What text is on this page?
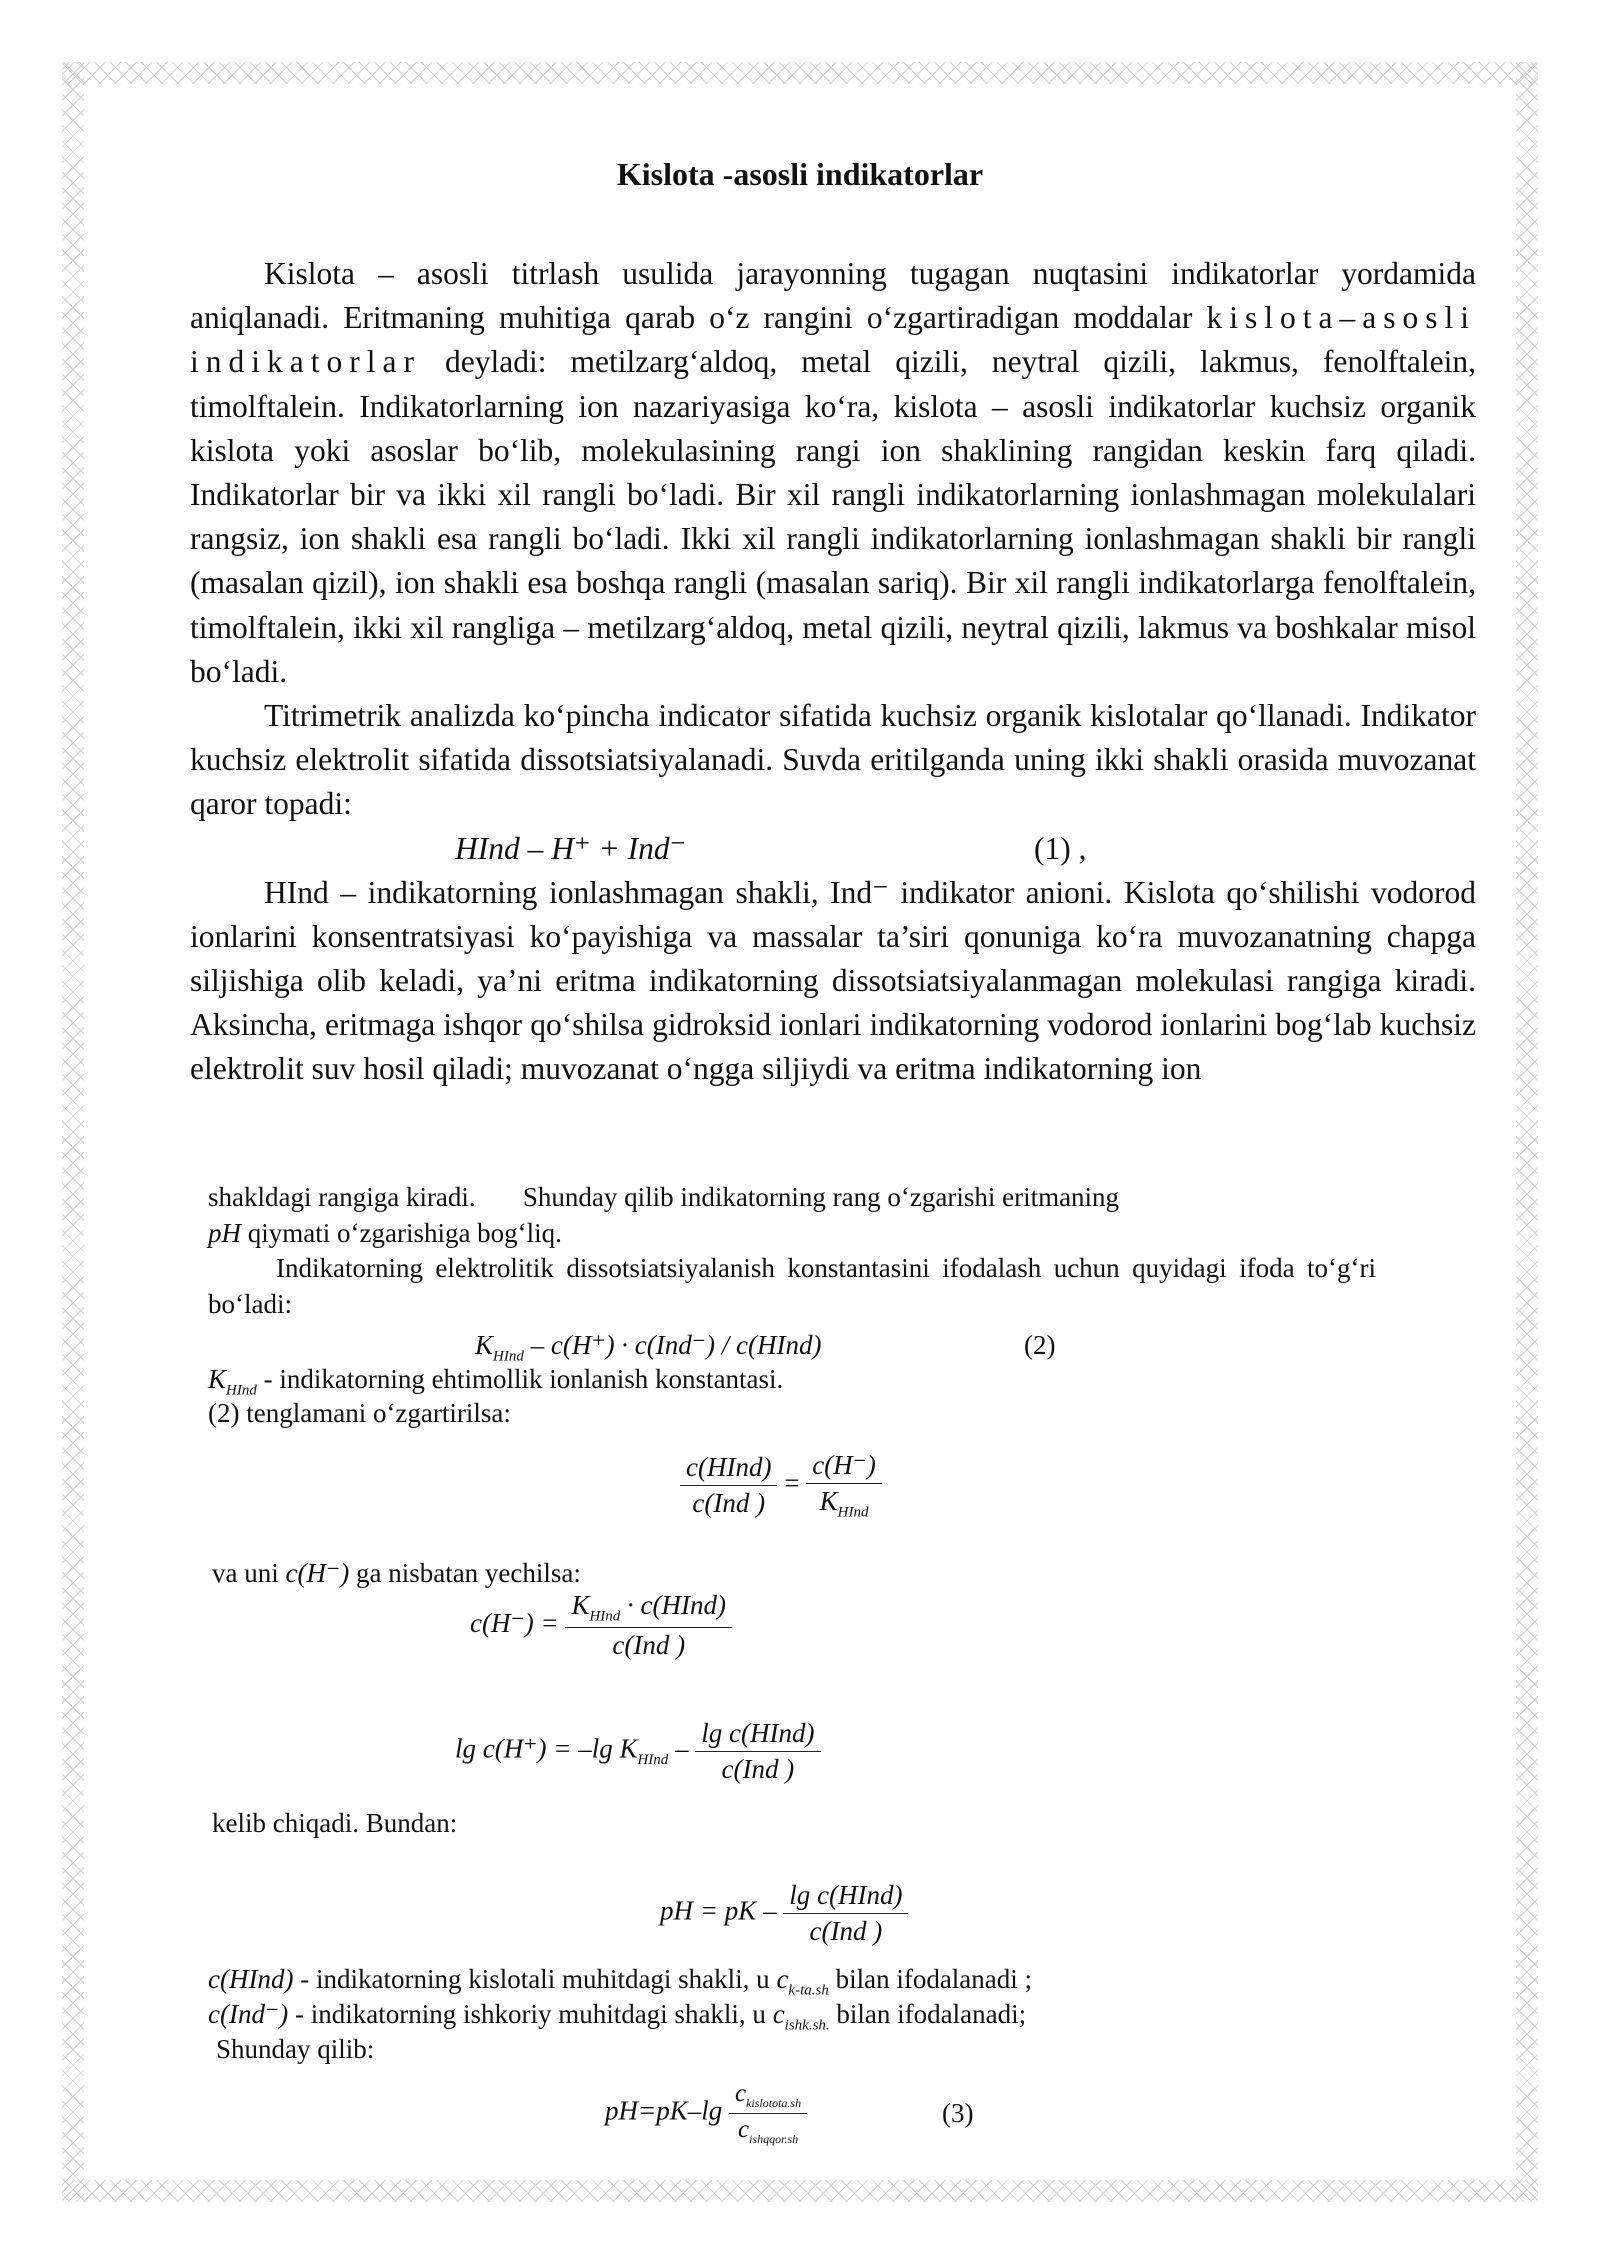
Kislota -asosli indikatorlar

Kislota – asosli titrlash usulida jarayonning tugagan nuqtasini indikatorlar yordamida aniqlanadi. Eritmaning muhitiga qarab o‘z rangini o‘zgartiradigan moddalar kislota–asosli indikatorlar deyladi: metilzarg‘aldoq, metal qizili, neytral qizili, lakmus, fenolftalein, timolftalein. Indikatorlarning ion nazariyasiga ko‘ra, kislota – asosli indikatorlar kuchsiz organik kislota yoki asoslar bo‘lib, molekulasining rangi ion shaklining rangidan keskin farq qiladi. Indikatorlar bir va ikki xil rangli bo‘ladi. Bir xil rangli indikatorlarning ionlashmagan molekulalari rangsiz, ion shakli esa rangli bo‘ladi. Ikki xil rangli indikatorlarning ionlashmagan shakli bir rangli (masalan qizil), ion shakli esa boshqa rangli (masalan sariq). Bir xil rangli indikatorlarga fenolftalein, timolftalein, ikki xil rangliga – metilzarg‘aldoq, metal qizili, neytral qizili, lakmus va boshkalar misol bo‘ladi.

Titrimetrik analizda ko‘pincha indicator sifatida kuchsiz organik kislotalar qo‘llanadi. Indikator kuchsiz elektrolit sifatida dissotsiatsiyalanadi. Suvda eritilganda uning ikki shakli orasida muvozanat qaror topadi:

HInd – H⁺ + Ind⁻	(1) ,

HInd – indikatorning ionlashmagan shakli, Ind⁻ indikator anioni. Kislota qo‘shilishi vodorod ionlarini konsentratsiyasi ko‘payishiga va massalar ta’siri qonuniga ko‘ra muvozanatning chapga siljishiga olib keladi, ya’ni eritma indikatorning dissotsiatsiyalanmagan molekulasi rangiga kiradi. Aksincha, eritmaga ishqor qo‘shilsa gidroksid ionlari indikatorning vodorod ionlarini bog‘lab kuchsiz elektrolit suv hosil qiladi; muvozanat o‘ngga siljiydi va eritma indikatorning ion

shakldagi rangiga kiradi.       Shunday qilib indikatorning rang o‘zgarishi eritmaning

pH qiymati o‘zgarishiga bog‘liq.

Indikatorning elektrolitik dissotsiatsiyalanish konstantasini ifodalash uchun quyidagi ifoda to‘g‘ri bo‘ladi:

$K_{HInd} - c(H^+) \cdot c(Ind^-)$ / c(HInd)	(2)
$K_{HInd}$ - indikatorning ehtimollik ionlanish konstantasi.
(2) tenglamani o‘zgartirilsa:
$\frac{\text{c(HInd)}}{\text{c(Ind )}} = \frac{c(H^-)}{K_{HInd}}$
va uni c(H⁻) ga nisbatan yechilsa:
$c(H^-) = \frac{K_{HInd} \cdot c(HInd)}{\text{c(Ind )}}$
lg c(H⁺) = –lg $K_{HInd} - \frac{\text{lg c(HInd)}}{\text{c(Ind )}}$
kelib chiqadi. Bundan:
pH = pK – $\frac{\text{lg c(HInd)}}{\text{c(Ind )}}$
c(HInd) - indikatorning kislotali muhitdagi shakli, u $c_{k-ta.sh}$ bilan ifodalanadi ;
c(Ind⁻) - indikatorning ishkoriy muhitdagi shakli, u $c_{ishk.sh.}$ bilan ifodalanadi;
Shunday qilib:
$pH=pK-\lg \frac{c_{kislotota.sh}}{c_{ishqqor.sh}}$	(3)
